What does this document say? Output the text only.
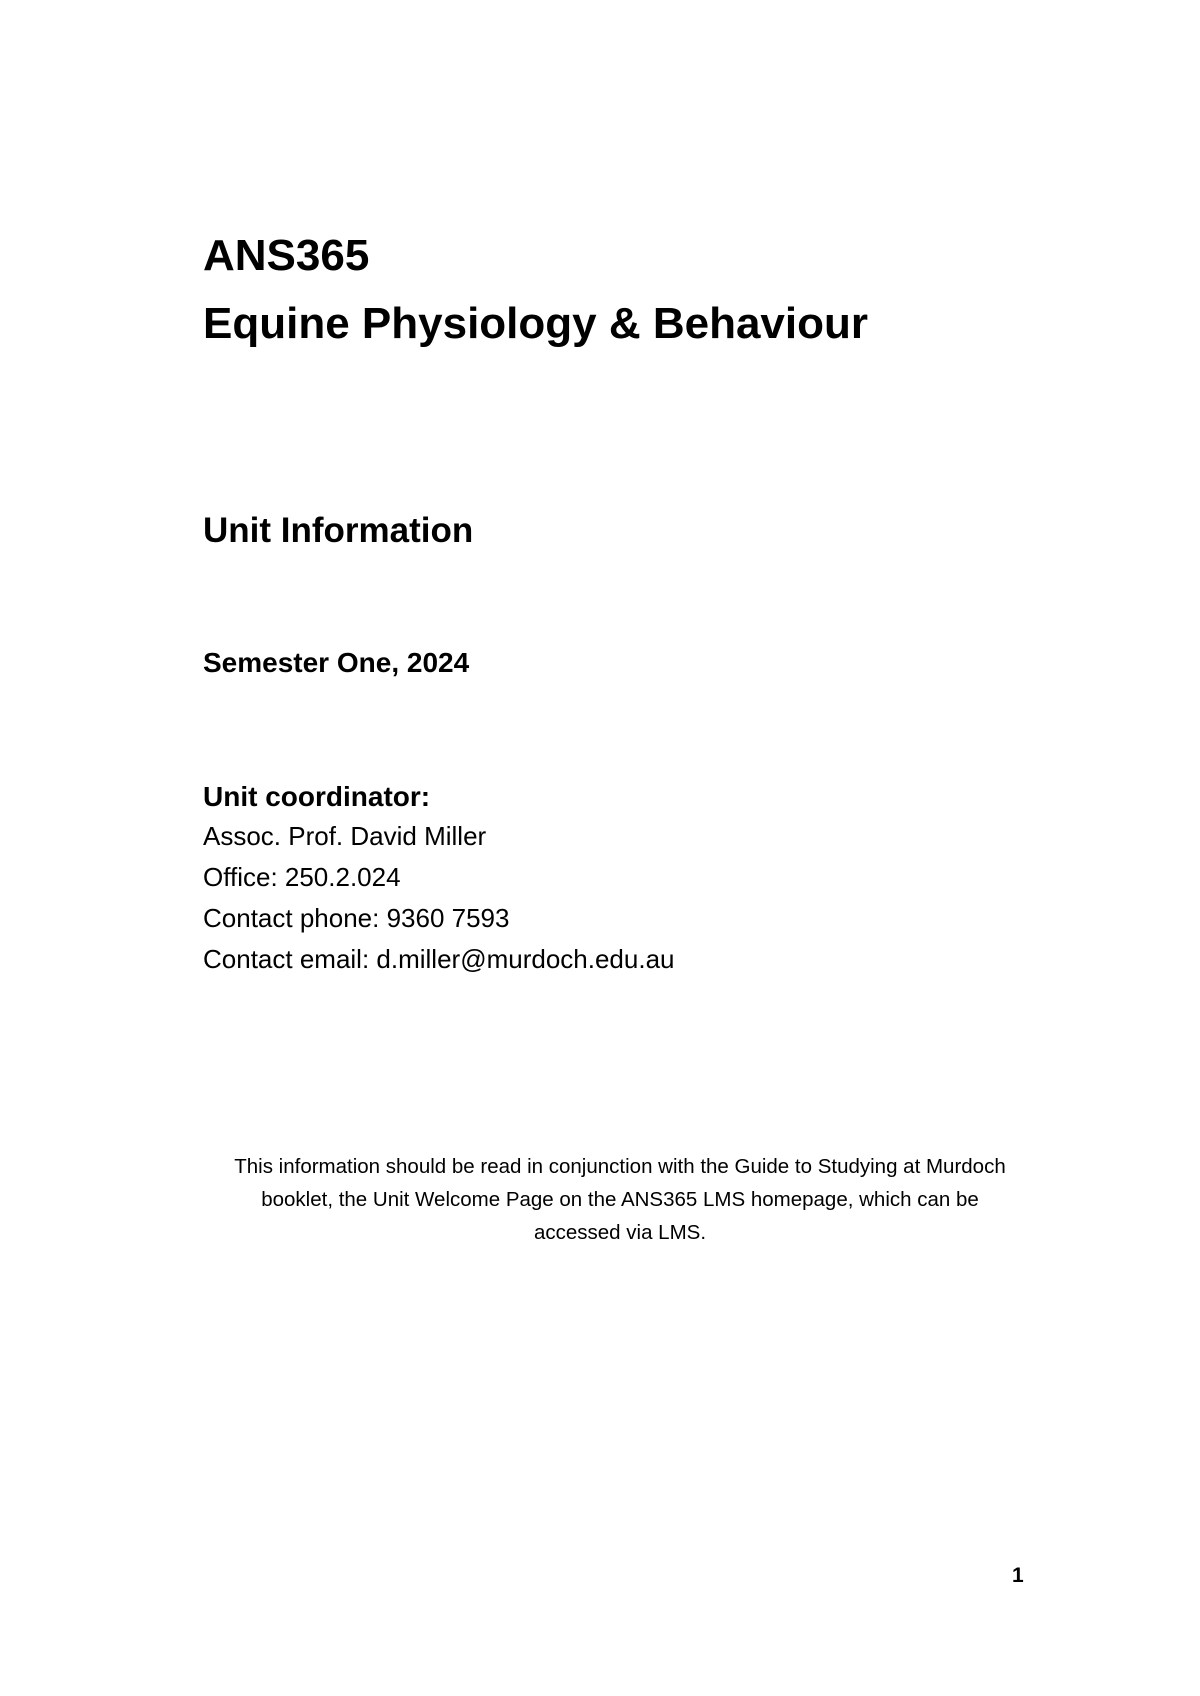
ANS365
Equine Physiology & Behaviour
Unit Information
Semester One, 2024
Unit coordinator:
Assoc. Prof. David Miller
Office: 250.2.024
Contact phone: 9360 7593
Contact email: d.miller@murdoch.edu.au
This information should be read in conjunction with the Guide to Studying at Murdoch
booklet, the Unit Welcome Page on the ANS365 LMS homepage, which can be
accessed via LMS.
1
